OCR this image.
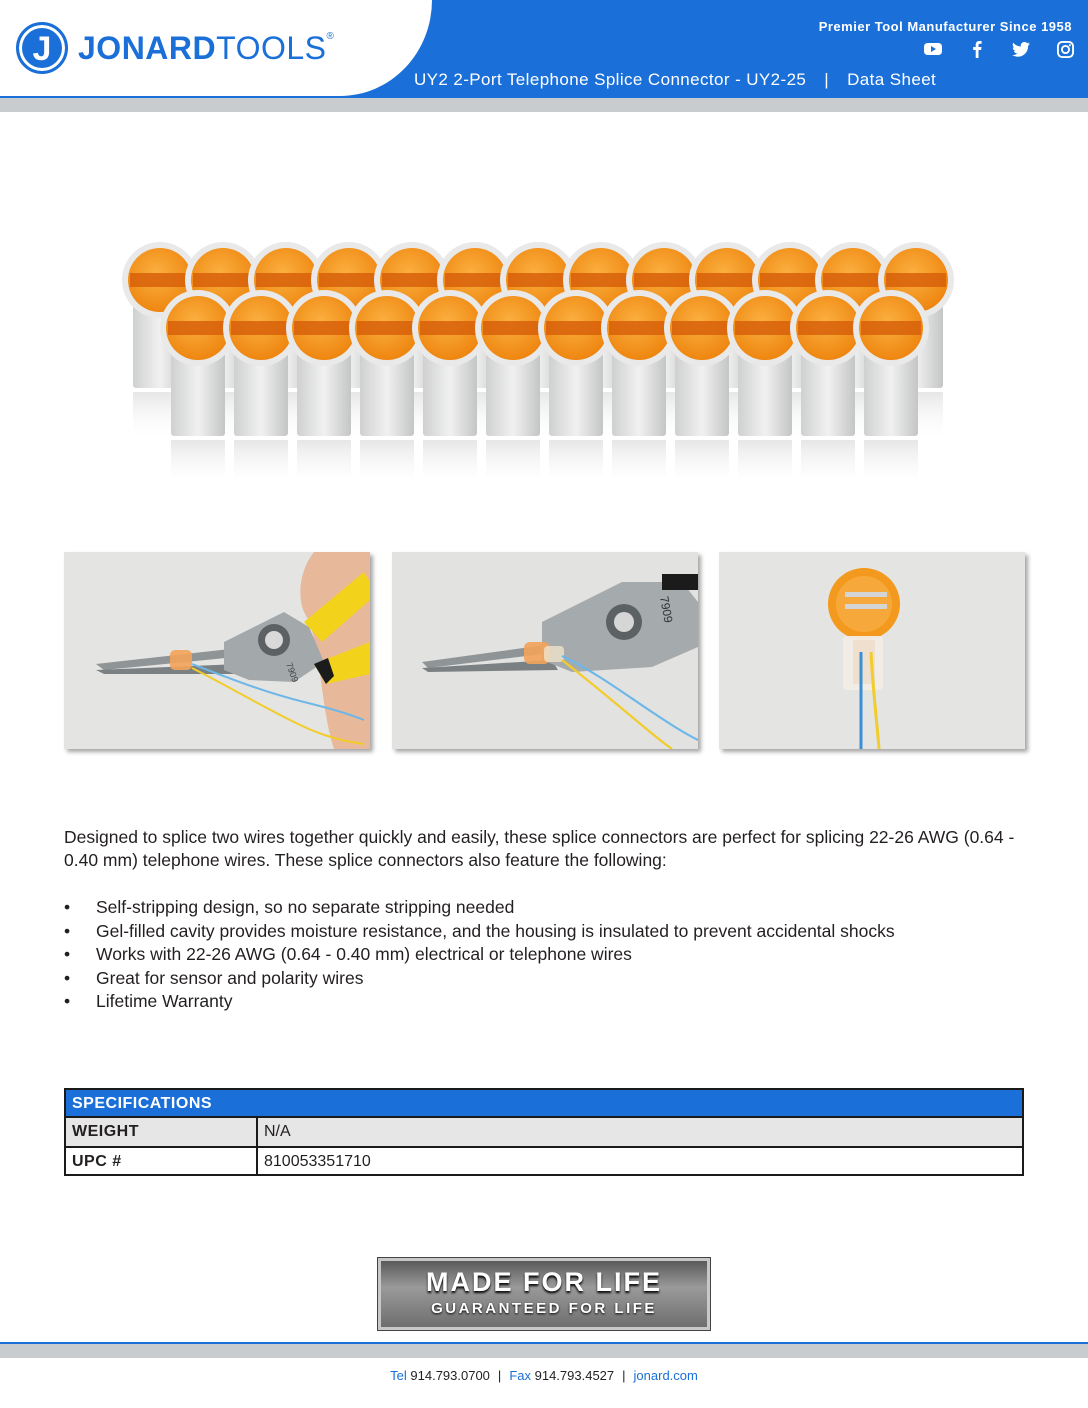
J JONARDTOOLS®
Premier Tool Manufacturer Since 1958
UY2 2-Port Telephone Splice Connector - UY2-25 | Data Sheet
7909
7909

Designed to splice two wires together quickly and easily, these splice connectors are perfect for splicing 22-26 AWG (0.64 - 0.40 mm) telephone wires. These splice connectors also feature the following:

• Self-stripping design, so no separate stripping needed
• Gel-filled cavity provides moisture resistance, and the housing is insulated to prevent accidental shocks
• Works with 22-26 AWG (0.64 - 0.40 mm) electrical or telephone wires
• Great for sensor and polarity wires
• Lifetime Warranty
SPECIFICATIONS
WEIGHT	N/A
UPC #	810053351710
MADE FOR LIFE
GUARANTEED FOR LIFE
Tel 914.793.0700 | Fax 914.793.4527 | jonard.com
